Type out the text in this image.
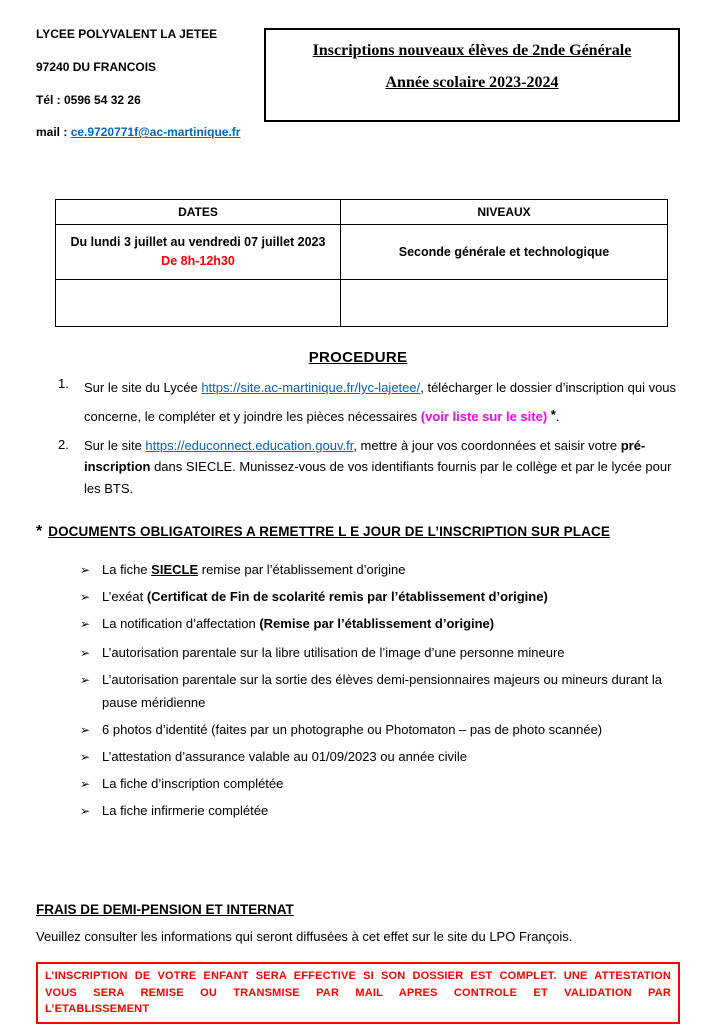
LYCEE POLYVALENT LA JETEE

97240 DU FRANCOIS

Tél : 0596 54 32 26

mail : ce.9720771f@ac-martinique.fr

Inscriptions nouveaux élèves de 2nde Générale

Année scolaire 2023-2024

DATES	NIVEAUX

Du lundi 3 juillet au vendredi 07 juillet 2023
De 8h-12h30	Seconde générale et technologique

PROCEDURE
1.	Sur le site du Lycée https://site.ac-martinique.fr/lyc-lajetee/, télécharger le dossier d’inscription qui vous concerne, le compléter et y joindre les pièces nécessaires (voir liste sur le site) *.

2.	Sur le site https://educonnect.education.gouv.fr, mettre à jour vos coordonnées et saisir votre pré-inscription dans SIECLE. Munissez-vous de vos identifiants fournis par le collège et par le lycée pour les BTS.

* DOCUMENTS OBLIGATOIRES A REMETTRE L E JOUR DE L’INSCRIPTION SUR PLACE
➢ La fiche SIECLE remise par l’établissement d’origine
➢ L’exéat (Certificat de Fin de scolarité remis par l’établissement d’origine)
➢ La notification d’affectation (Remise par l’établissement d’origine)
➢ L’autorisation parentale sur la libre utilisation de l’image d’une personne mineure
➢ L’autorisation parentale sur la sortie des élèves demi-pensionnaires majeurs ou mineurs durant la pause méridienne
➢ 6 photos d’identité (faites par un photographe ou Photomaton – pas de photo scannée)
➢ L’attestation d’assurance valable au 01/09/2023 ou année civile
➢ La fiche d’inscription complétée
➢ La fiche infirmerie complétée
FRAIS DE DEMI-PENSION ET INTERNAT

Veuillez consulter les informations qui seront diffusées à cet effet sur le site du LPO François.

L’INSCRIPTION DE VOTRE ENFANT SERA EFFECTIVE SI SON DOSSIER EST COMPLET. UNE ATTESTATION VOUS SERA REMISE OU TRANSMISE PAR MAIL APRES CONTROLE ET VALIDATION PAR L’ETABLISSEMENT
